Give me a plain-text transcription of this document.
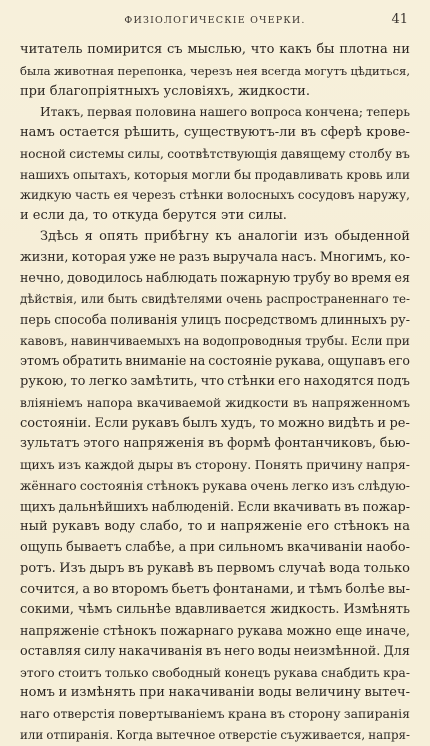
ФИЗІОЛОГИЧЕСКІЕ ОЧЕРКИ.	41
читатель помирится съ мыслью, что какъ бы плотна ни
была животная перепонка, черезъ нея всегда могутъ цѣдиться,
при благопріятныхъ условіяхъ, жидкости.
Итакъ, первая половина нашего вопроса кончена; теперь
намъ остается рѣшить, существуютъ-ли въ сферѣ крове-
носной системы силы, соотвѣтствующія давящему столбу въ
нашихъ опытахъ, которыя могли бы продавливать кровь или
жидкую часть ея черезъ стѣнки волосныхъ сосудовъ наружу,
и если да, то откуда берутся эти силы.
Здѣсь я опять прибѣгну къ аналогіи изъ обыденной
жизни, которая уже не разъ выручала насъ. Многимъ, ко-
нечно, доводилось наблюдать пожарную трубу во время ея
дѣйствія, или быть свидѣтелями очень распространеннаго те-
перь способа поливанія улицъ посредствомъ длинныхъ ру-
кавовъ, навинчиваемыхъ на водопроводныя трубы. Если при
этомъ обратить вниманіе на состояніе рукава, ощупавъ его
рукою, то легко замѣтить, что стѣнки его находятся подъ
вліяніемъ напора вкачиваемой жидкости въ напряженномъ
состояніи. Если рукавъ былъ худъ, то можно видѣть и ре-
зультатъ этого напряженія въ формѣ фонтанчиковъ, бью-
щихъ изъ каждой дыры въ сторону. Понять причину напря-
жённаго состоянія стѣнокъ рукава очень легко изъ слѣдую-
щихъ дальнѣйшихъ наблюденій. Если вкачивать въ пожар-
ный рукавъ воду слабо, то и напряженіе его стѣнокъ на
ощупь бываетъ слабѣе, а при сильномъ вкачиваніи наобо-
ротъ. Изъ дыръ въ рукавѣ въ первомъ случаѣ вода только
сочится, а во второмъ бьетъ фонтанами, и тѣмъ болѣе вы-
сокими, чѣмъ сильнѣе вдавливается жидкость. Измѣнять
напряженіе стѣнокъ пожарнаго рукава можно еще иначе,
оставляя силу накачиванія въ него воды неизмѣнной. Для
этого стоитъ только свободный конецъ рукава снабдить кра-
номъ и измѣнять при накачиваніи воды величину вытеч-
наго отверстія повертываніемъ крана въ сторону запиранія
или отпиранія. Когда вытечное отверстіе съуживается, напря-
